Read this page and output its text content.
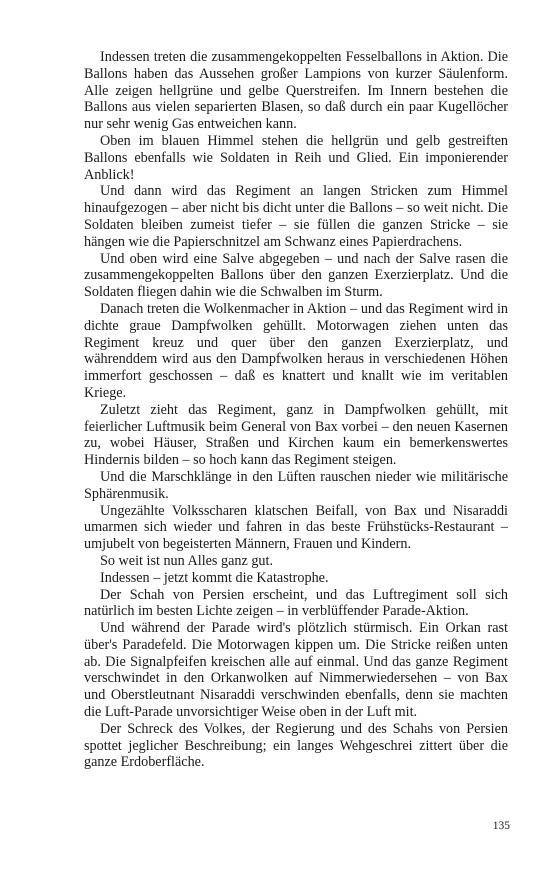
Indessen treten die zusammengekoppelten Fesselballons in Aktion. Die Ballons haben das Aussehen großer Lampions von kurzer Säulenform. Alle zeigen hellgrüne und gelbe Querstreifen. Im Innern bestehen die Ballons aus vielen separierten Blasen, so daß durch ein paar Kugellöcher nur sehr wenig Gas entweichen kann.

Oben im blauen Himmel stehen die hellgrün und gelb gestreiften Ballons ebenfalls wie Soldaten in Reih und Glied. Ein imponierender Anblick!

Und dann wird das Regiment an langen Stricken zum Himmel hinaufgezogen – aber nicht bis dicht unter die Ballons – so weit nicht. Die Soldaten bleiben zumeist tiefer – sie füllen die ganzen Stricke – sie hängen wie die Papierschnitzel am Schwanz eines Papierdrachens.

Und oben wird eine Salve abgegeben – und nach der Salve rasen die zusammengekoppelten Ballons über den ganzen Exerzierplatz. Und die Soldaten fliegen dahin wie die Schwalben im Sturm.

Danach treten die Wolkenmacher in Aktion – und das Regiment wird in dichte graue Dampfwolken gehüllt. Motorwagen ziehen unten das Regiment kreuz und quer über den ganzen Exerzierplatz, und währenddem wird aus den Dampfwolken heraus in verschiedenen Höhen immerfort geschossen – daß es knattert und knallt wie im veritablen Kriege.

Zuletzt zieht das Regiment, ganz in Dampfwolken gehüllt, mit feierlicher Luftmusik beim General von Bax vorbei – den neuen Kasernen zu, wobei Häuser, Straßen und Kirchen kaum ein bemerkenswertes Hindernis bilden – so hoch kann das Regiment steigen.

Und die Marschklänge in den Lüften rauschen nieder wie militärische Sphärenmusik.

Ungezählte Volksscharen klatschen Beifall, von Bax und Nisaraddi umarmen sich wieder und fahren in das beste Frühstücks-Restaurant – umjubelt von begeisterten Männern, Frauen und Kindern.

So weit ist nun Alles ganz gut.

Indessen – jetzt kommt die Katastrophe.

Der Schah von Persien erscheint, und das Luftregiment soll sich natürlich im besten Lichte zeigen – in verblüffender Parade-Aktion.

Und während der Parade wird's plötzlich stürmisch. Ein Orkan rast über's Paradefeld. Die Motorwagen kippen um. Die Stricke reißen unten ab. Die Signalpfeifen kreischen alle auf einmal. Und das ganze Regiment verschwindet in den Orkanwolken auf Nimmerwiedersehen – von Bax und Oberstleutnant Nisaraddi verschwinden ebenfalls, denn sie machten die Luft-Parade unvorsichtiger Weise oben in der Luft mit.

Der Schreck des Volkes, der Regierung und des Schahs von Persien spottet jeglicher Beschreibung; ein langes Wehgeschrei zittert über die ganze Erdoberfläche.

135
